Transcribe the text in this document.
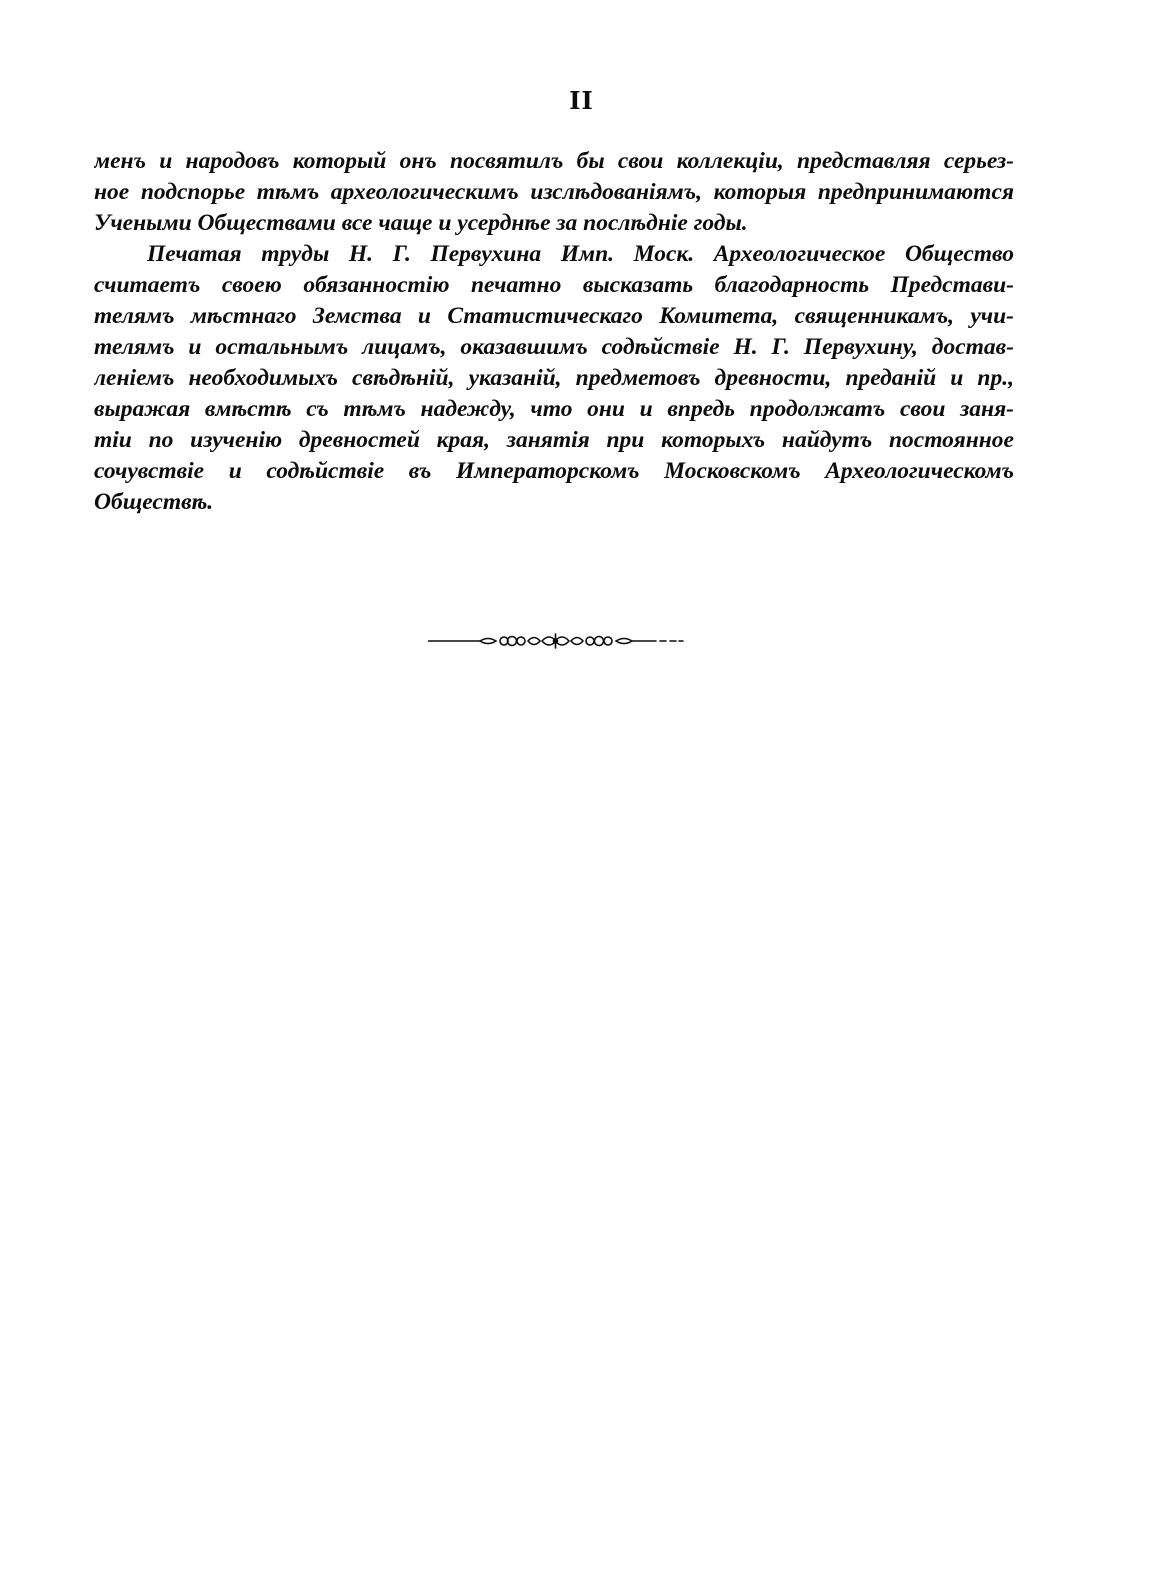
II
менъ и народовъ который онъ посвятилъ бы свои коллекціи, представляя серьез-
ное подспорье тѣмъ археологическимъ изслѣдованіямъ, которыя предпринимаются
Учеными Обществами все чаще и усерднѣе за послѣдніе годы.
Печатая труды Н. Г. Первухина Имп. Моск. Археологическое Общество
считаетъ своею обязанностію печатно высказать благодарность Представи-
телямъ мѣстнаго Земства и Статистическаго Комитета, священникамъ, учи-
телямъ и остальнымъ лицамъ, оказавшимъ содѣйствіе Н. Г. Первухину, достав-
леніемъ необходимыхъ свѣдѣній, указаній, предметовъ древности, преданій и пр.,
выражая вмѣстѣ съ тѣмъ надежду, что они и впредь продолжатъ свои заня-
тіи по изученію древностей края, занятія при которыхъ найдутъ постоянное
сочувствіе и содѣйствіе въ Императорскомъ Московскомъ Археологическомъ
Обществѣ.
